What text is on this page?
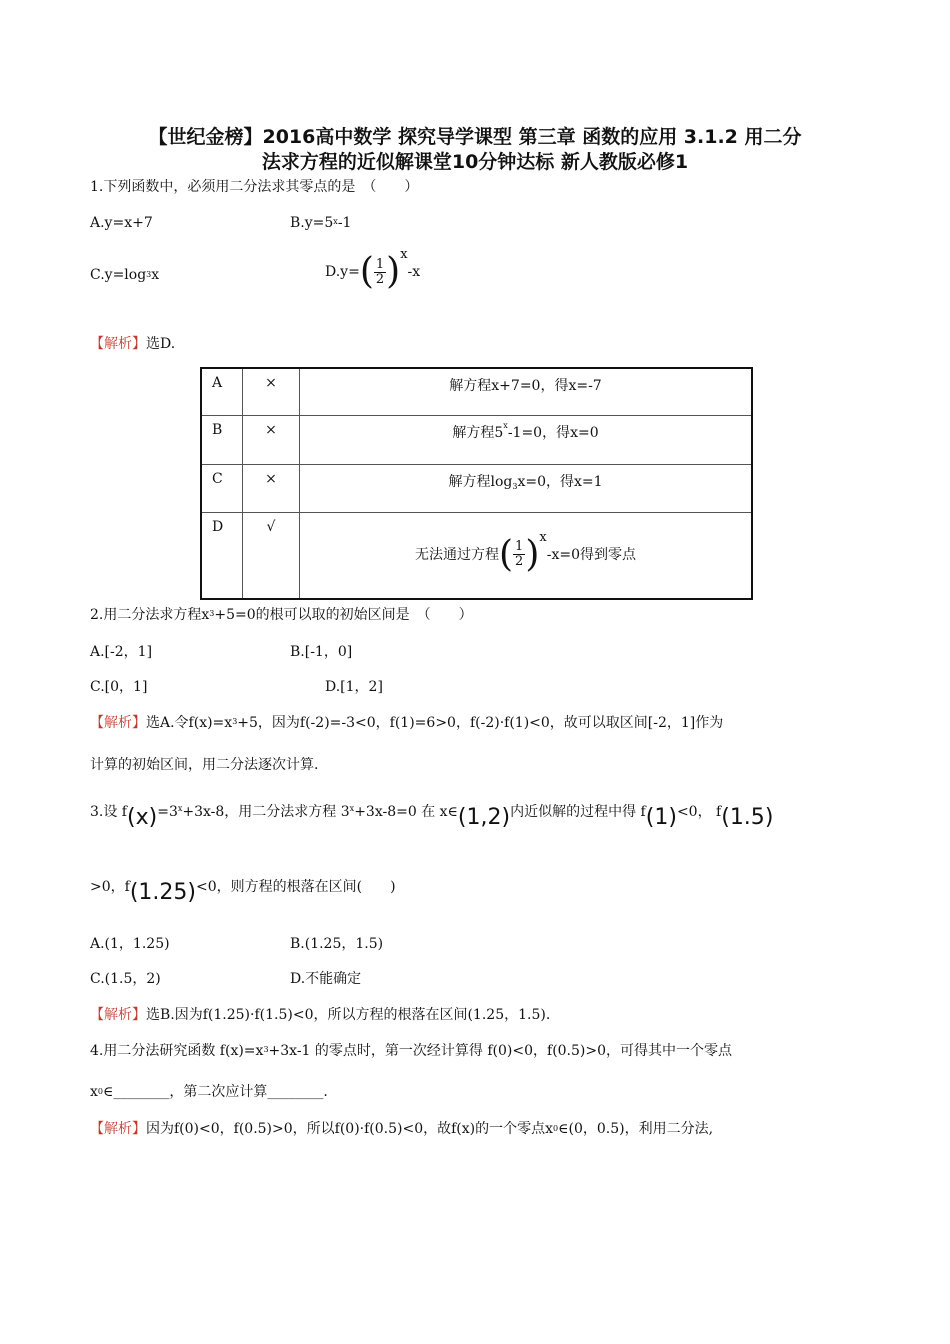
【世纪金榜】2016高中数学 探究导学课型 第三章 函数的应用 3.1.2 用二分
法求方程的近似解课堂10分钟达标 新人教版必修1
1.下列函数中，必须用二分法求其零点的是　（　　）
A.y=x+7	$B.y=5^x-1$
C.y=log3x	$D.y=( \frac{1}{2} )x-x$
【解析】选D.
A	×	解方程x+7=0，得x=-7
B	×	解方程$5^x-1=0$，得x=0
C	×	解方程log3x=0，得x=1
D	√	无法通过方程( $\frac{1}{2} )x-x=0$得到零点
2.用二分法求方程$x^3+5=0$的根可以取的初始区间是　（　　）
A.[-2，1]	B.[-1，0]
C.[0，1]	D.[1，2]
【解析】选A.令$f(x)=x^3+5$，因为f(-2)=-3<0，f(1)=6>0，f(-2)·f(1)<0，故可以取区间[-2，1]作为
计算的初始区间，用二分法逐次计算.
3.设 $f(x)=3^x+3x-8$，用二分法求方程 $3^x+3x-8=0$ 在 x∈(1,2)内近似解的过程中得 f(1)<0， f(1.5)
>0，f(1.25)<0，则方程的根落在区间(　　)
A.(1，1.25)	B.(1.25，1.5)
C.(1.5，2)	D.不能确定
【解析】选B.因为f(1.25)·f(1.5)<0，所以方程的根落在区间(1.25，1.5).
4.用二分法研究函数 $f(x)=x^3+3x-1$ 的零点时，第一次经计算得 f(0)<0，f(0.5)>0，可得其中一个零点
x0∈________，第二次应计算________.
【解析】因为f(0)<0，f(0.5)>0，所以f(0)·f(0.5)<0，故f(x)的一个零点x0∈(0，0.5)，利用二分法,
